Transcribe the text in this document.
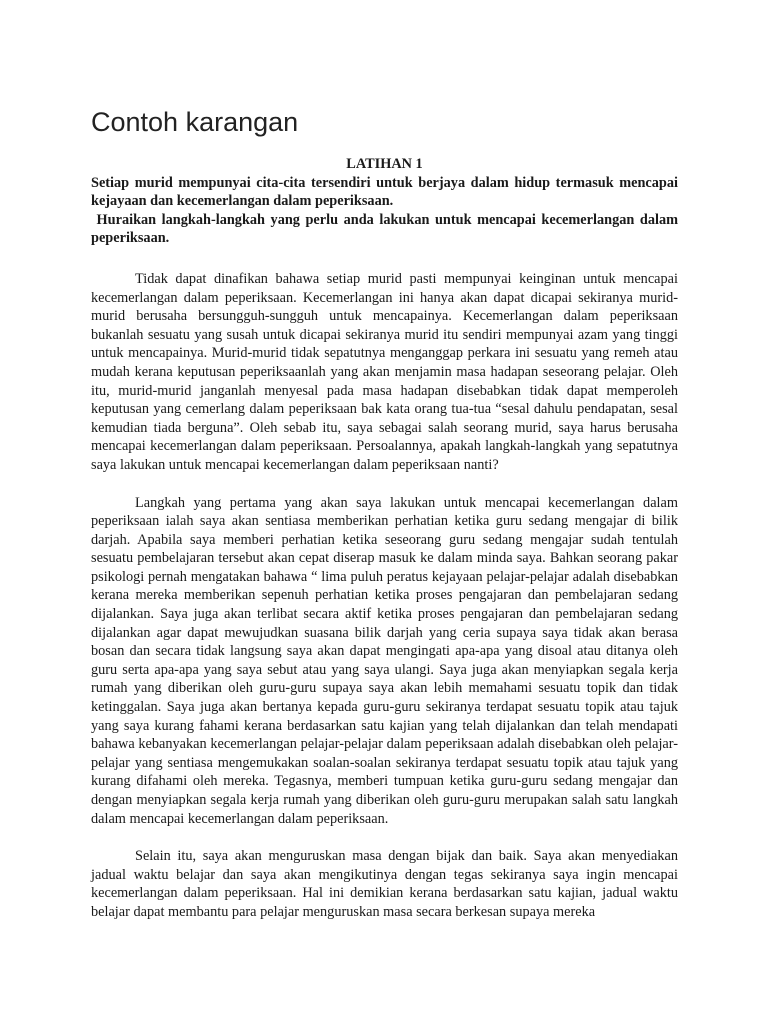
Contoh karangan

LATIHAN 1

Setiap murid mempunyai cita-cita tersendiri untuk berjaya dalam hidup termasuk mencapai kejayaan dan kecemerlangan dalam peperiksaan.

Huraikan langkah-langkah yang perlu anda lakukan untuk mencapai kecemerlangan dalam peperiksaan.

Tidak dapat dinafikan bahawa setiap murid pasti mempunyai keinginan untuk mencapai kecemerlangan dalam peperiksaan. Kecemerlangan ini hanya akan dapat dicapai sekiranya murid-murid berusaha bersungguh-sungguh untuk mencapainya. Kecemerlangan dalam peperiksaan bukanlah sesuatu yang susah untuk dicapai sekiranya murid itu sendiri mempunyai azam yang tinggi untuk mencapainya. Murid-murid tidak sepatutnya menganggap perkara ini sesuatu yang remeh atau mudah kerana keputusan peperiksaanlah yang akan menjamin masa hadapan seseorang pelajar. Oleh itu, murid-murid janganlah menyesal pada masa hadapan disebabkan tidak dapat memperoleh keputusan yang cemerlang dalam peperiksaan bak kata orang tua-tua “sesal dahulu pendapatan, sesal kemudian tiada berguna”. Oleh sebab itu, saya sebagai salah seorang murid, saya harus berusaha mencapai kecemerlangan dalam peperiksaan. Persoalannya, apakah langkah-langkah yang sepatutnya saya lakukan untuk mencapai kecemerlangan dalam peperiksaan nanti?

Langkah yang pertama yang akan saya lakukan untuk mencapai kecemerlangan dalam peperiksaan ialah saya akan sentiasa memberikan perhatian ketika guru sedang mengajar di bilik darjah. Apabila saya memberi perhatian ketika seseorang guru sedang mengajar sudah tentulah sesuatu pembelajaran tersebut akan cepat diserap masuk ke dalam minda saya. Bahkan seorang pakar psikologi pernah mengatakan bahawa “ lima puluh peratus kejayaan pelajar-pelajar adalah disebabkan kerana mereka memberikan sepenuh perhatian ketika proses pengajaran dan pembelajaran sedang dijalankan. Saya juga akan terlibat secara aktif ketika proses pengajaran dan pembelajaran sedang dijalankan agar dapat mewujudkan suasana bilik darjah yang ceria supaya saya tidak akan berasa bosan dan secara tidak langsung saya akan dapat mengingati apa-apa yang disoal atau ditanya oleh guru serta apa-apa yang saya sebut atau yang saya ulangi. Saya juga akan menyiapkan segala kerja rumah yang diberikan oleh guru-guru supaya saya akan lebih memahami sesuatu topik dan tidak ketinggalan. Saya juga akan bertanya kepada guru-guru sekiranya terdapat sesuatu topik atau tajuk yang saya kurang fahami kerana berdasarkan satu kajian yang telah dijalankan dan telah mendapati bahawa kebanyakan kecemerlangan pelajar-pelajar dalam peperiksaan adalah disebabkan oleh pelajar-pelajar yang sentiasa mengemukakan soalan-soalan sekiranya terdapat sesuatu topik atau tajuk yang kurang difahami oleh mereka. Tegasnya, memberi tumpuan ketika guru-guru sedang mengajar dan dengan menyiapkan segala kerja rumah yang diberikan oleh guru-guru merupakan salah satu langkah dalam mencapai kecemerlangan dalam peperiksaan.

Selain itu, saya akan menguruskan masa dengan bijak dan baik. Saya akan menyediakan jadual waktu belajar dan saya akan mengikutinya dengan tegas sekiranya saya ingin mencapai kecemerlangan dalam peperiksaan. Hal ini demikian kerana berdasarkan satu kajian, jadual waktu belajar dapat membantu para pelajar menguruskan masa secara berkesan supaya mereka
